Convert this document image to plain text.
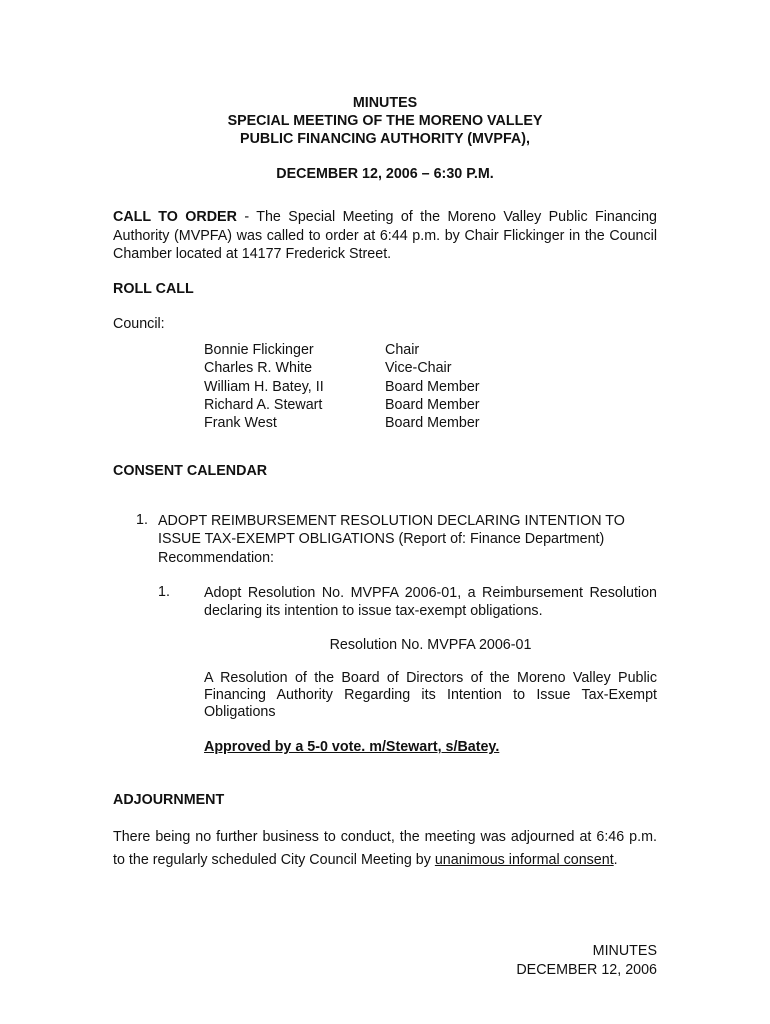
MINUTES
SPECIAL MEETING OF THE MORENO VALLEY
PUBLIC FINANCING AUTHORITY (MVPFA),
DECEMBER 12, 2006 – 6:30 P.M.
CALL TO ORDER - The Special Meeting of the Moreno Valley Public Financing Authority (MVPFA) was called to order at 6:44 p.m. by Chair Flickinger in the Council Chamber located at 14177 Frederick Street.
ROLL CALL
Council:
Bonnie Flickinger	Chair
Charles R. White	Vice-Chair
William H. Batey, II	Board Member
Richard A. Stewart	Board Member
Frank West	Board Member
CONSENT CALENDAR
1. ADOPT REIMBURSEMENT RESOLUTION DECLARING INTENTION TO ISSUE TAX-EXEMPT OBLIGATIONS (Report of: Finance Department) Recommendation:
1. Adopt Resolution No. MVPFA 2006-01, a Reimbursement Resolution declaring its intention to issue tax-exempt obligations.
Resolution No. MVPFA 2006-01
A Resolution of the Board of Directors of the Moreno Valley Public Financing Authority Regarding its Intention to Issue Tax-Exempt Obligations
Approved by a 5-0 vote. m/Stewart, s/Batey.
ADJOURNMENT
There being no further business to conduct, the meeting was adjourned at 6:46 p.m. to the regularly scheduled City Council Meeting by unanimous informal consent.
MINUTES
DECEMBER 12, 2006
